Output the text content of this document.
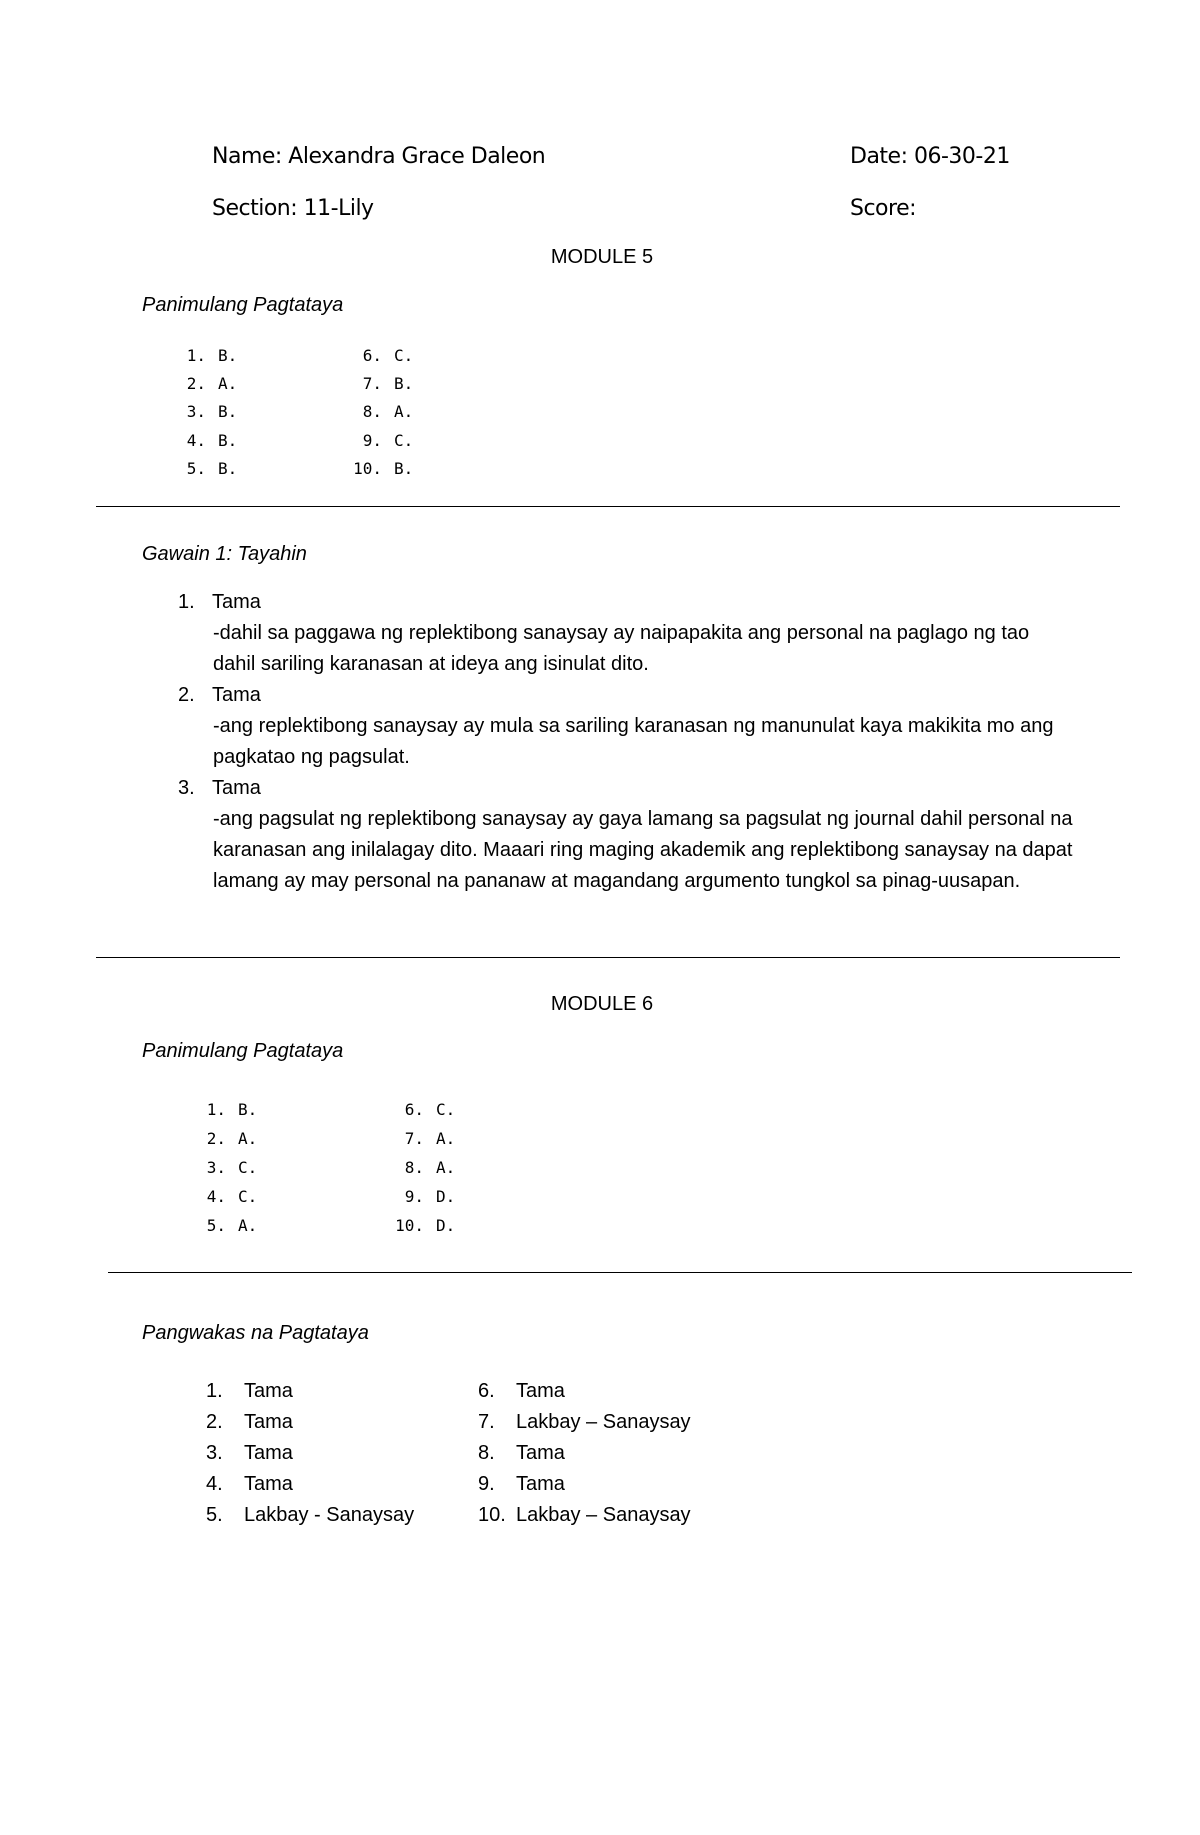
Name: Alexandra Grace Daleon	Date: 06-30-21
Section: 11-Lily	Score:
MODULE 5
Panimulang Pagtataya
1. B.
2. A.
3. B.
4. B.
5. B.
6. C.
7. B.
8. A.
9. C.
10. B.
Gawain 1: Tayahin
1. Tama
-dahil sa paggawa ng replektibong sanaysay ay naipapakita ang personal na paglago ng tao dahil sariling karanasan at ideya ang isinulat dito.
2. Tama
-ang replektibong sanaysay ay mula sa sariling karanasan ng manunulat kaya makikita mo ang pagkatao ng pagsulat.
3. Tama
-ang pagsulat ng replektibong sanaysay ay gaya lamang sa pagsulat ng journal dahil personal na karanasan ang inilalagay dito. Maaari ring maging akademik ang replektibong sanaysay na dapat lamang ay may personal na pananaw at magandang argumento tungkol sa pinag-uusapan.
MODULE 6
Panimulang Pagtataya
1. B.
2. A.
3. C.
4. C.
5. A.
6. C.
7. A.
8. A.
9. D.
10. D.
Pangwakas na Pagtataya
1. Tama
2. Tama
3. Tama
4. Tama
5. Lakbay - Sanaysay
6. Tama
7. Lakbay – Sanaysay
8. Tama
9. Tama
10. Lakbay – Sanaysay
